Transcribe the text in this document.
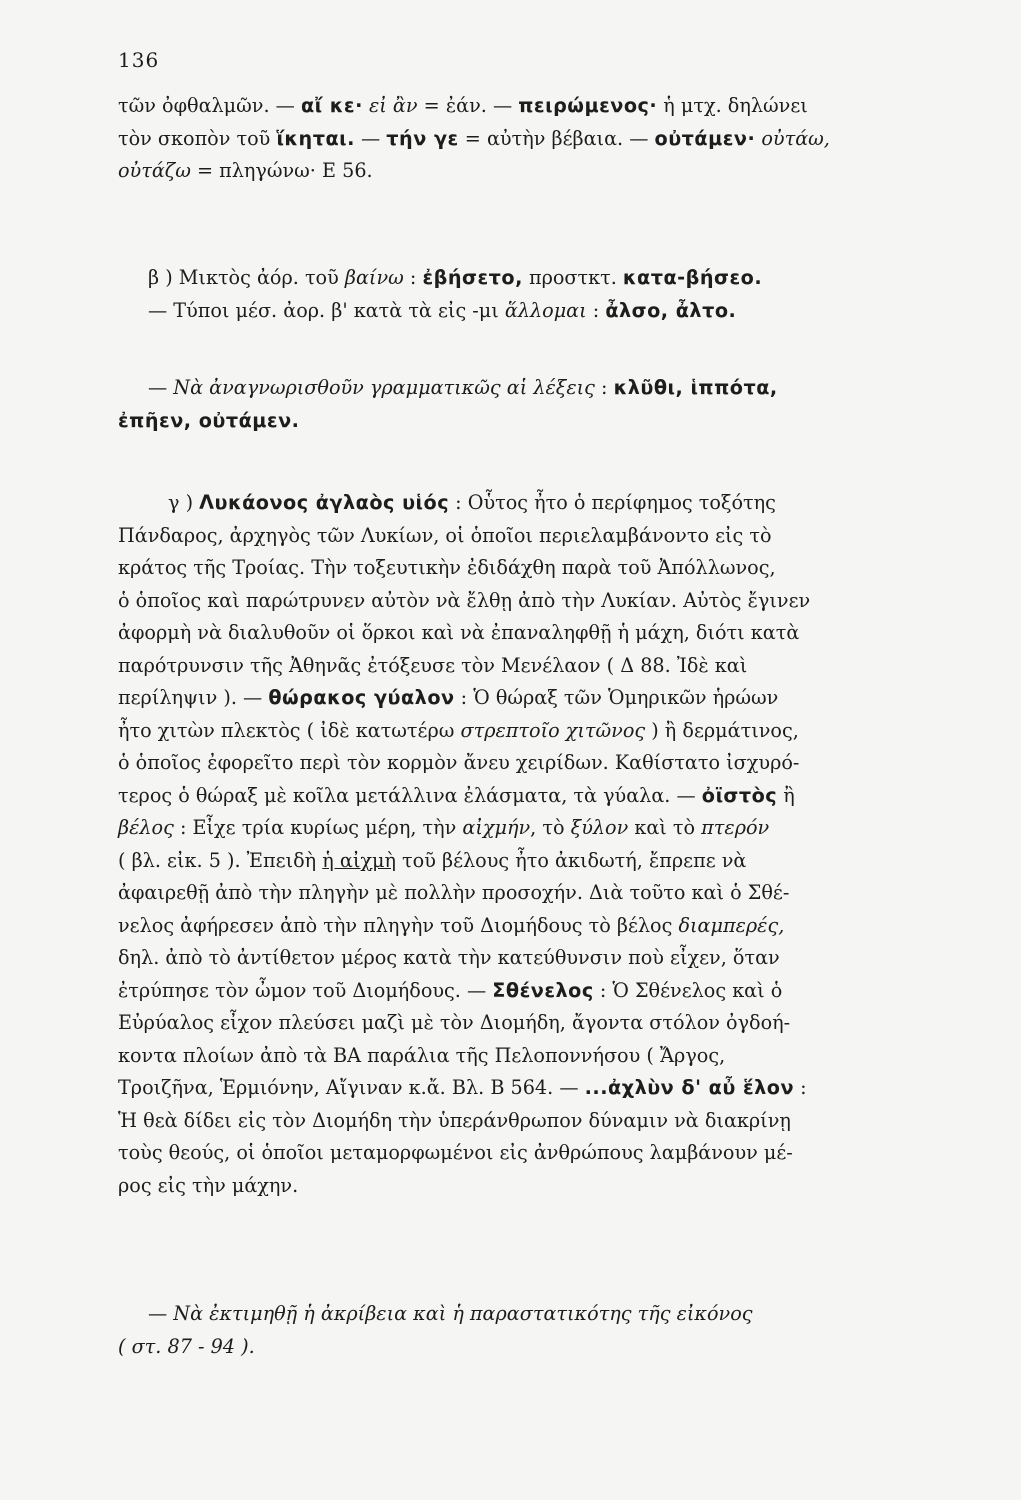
136

τῶν ὀφθαλμῶν. — αἴ κε· εἰ ἂν = ἐάν. — πειρώμενος· ἡ μτχ. δηλώνει

τὸν σκοπὸν τοῦ ἵκηται. — τήν γε = αὐτὴν βέβαια. — οὐτάμεν· οὐτάω,

οὐτάζω = πληγώνω· Ε 56.

β ) Μικτὸς ἀόρ. τοῦ βαίνω : ἐβήσετο, προστκτ. κατα-βήσεο.

— Τύποι μέσ. ἀορ. β' κατὰ τὰ εἰς -μι ἅλλομαι : ἆλσο, ἆλτο.

— Νὰ ἀναγνωρισθοῦν γραμματικῶς αἱ λέξεις : κλῦθι, ἱππότα,

ἐπῆεν, οὐτάμεν.

γ ) Λυκάονος ἀγλαὸς υἱός : Οὗτος ἦτο ὁ περίφημος τοξότης

Πάνδαρος, ἀρχηγὸς τῶν Λυκίων, οἱ ὁποῖοι περιελαμβάνοντο εἰς τὸ

κράτος τῆς Τροίας. Τὴν τοξευτικὴν ἐδιδάχθη παρὰ τοῦ Ἀπόλλωνος,

ὁ ὁποῖος καὶ παρώτρυνεν αὐτὸν νὰ ἔλθῃ ἀπὸ τὴν Λυκίαν. Αὐτὸς ἔγινεν

ἀφορμὴ νὰ διαλυθοῦν οἱ ὅρκοι καὶ νὰ ἐπαναληφθῇ ἡ μάχη, διότι κατὰ

παρότρυνσιν τῆς Ἀθηνᾶς ἐτόξευσε τὸν Μενέλαον ( Δ 88. Ἰδὲ καὶ

περίληψιν ). — θώρακος γύαλον : Ὁ θώραξ τῶν Ὁμηρικῶν ἡρώων

ἦτο χιτὼν πλεκτὸς ( ἰδὲ κατωτέρω στρεπτοῖο χιτῶνος ) ἢ δερμάτινος,

ὁ ὁποῖος ἐφορεῖτο περὶ τὸν κορμὸν ἄνευ χειρίδων. Καθίστατο ἰσχυρό-

τερος ὁ θώραξ μὲ κοῖλα μετάλλινα ἐλάσματα, τὰ γύαλα. — ὀϊστὸς ἢ

βέλος : Εἶχε τρία κυρίως μέρη, τὴν αἰχμήν, τὸ ξύλον καὶ τὸ πτερόν

( βλ. εἰκ. 5 ). Ἐπειδὴ ἡ αἰχμὴ τοῦ βέλους ἦτο ἀκιδωτή, ἔπρεπε νὰ

ἀφαιρεθῇ ἀπὸ τὴν πληγὴν μὲ πολλὴν προσοχήν. Διὰ τοῦτο καὶ ὁ Σθέ-

νελος ἀφήρεσεν ἀπὸ τὴν πληγὴν τοῦ Διομήδους τὸ βέλος διαμπερές,

δηλ. ἀπὸ τὸ ἀντίθετον μέρος κατὰ τὴν κατεύθυνσιν ποὺ εἶχεν, ὅταν

ἐτρύπησε τὸν ὦμον τοῦ Διομήδους. — Σθένελος : Ὁ Σθένελος καὶ ὁ

Εὐρύαλος εἶχον πλεύσει μαζὶ μὲ τὸν Διομήδη, ἄγοντα στόλον ὀγδοή-

κοντα πλοίων ἀπὸ τὰ ΒΑ παράλια τῆς Πελοποννήσου ( Ἄργος,

Τροιζῆνα, Ἑρμιόνην, Αἴγιναν κ.ἄ. Βλ. Β 564. — ...ἀχλὺν δ' αὖ ἕλον :

Ἡ θεὰ δίδει εἰς τὸν Διομήδη τὴν ὑπεράνθρωπον δύναμιν νὰ διακρίνῃ

τοὺς θεούς, οἱ ὁποῖοι μεταμορφωμένοι εἰς ἀνθρώπους λαμβάνουν μέ-

ρος εἰς τὴν μάχην.

— Νὰ ἐκτιμηθῇ ἡ ἀκρίβεια καὶ ἡ παραστατικότης τῆς εἰκόνος

( στ. 87 - 94 ).
